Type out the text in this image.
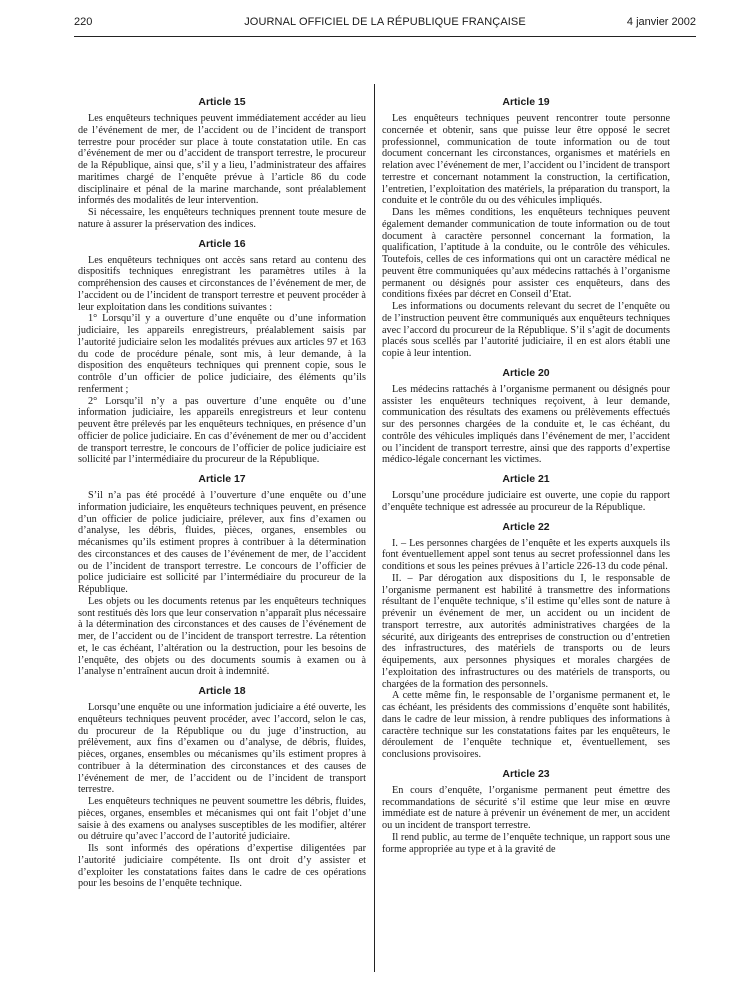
220	JOURNAL OFFICIEL DE LA RÉPUBLIQUE FRANÇAISE	4 janvier 2002
Article 15

Les enquêteurs techniques peuvent immédiatement accéder au lieu de l’événement de mer, de l’accident ou de l’incident de transport terrestre pour procéder sur place à toute constatation utile. En cas d’événement de mer ou d’accident de transport terrestre, le procureur de la République, ainsi que, s’il y a lieu, l’administrateur des affaires maritimes chargé de l’enquête prévue à l’article 86 du code disciplinaire et pénal de la marine marchande, sont préalablement informés des modalités de leur intervention.

Si nécessaire, les enquêteurs techniques prennent toute mesure de nature à assurer la préservation des indices.

Article 16

Les enquêteurs techniques ont accès sans retard au contenu des dispositifs techniques enregistrant les paramètres utiles à la compréhension des causes et circonstances de l’événement de mer, de l’accident ou de l’incident de transport terrestre et peuvent procéder à leur exploitation dans les conditions suivantes :

1° Lorsqu’il y a ouverture d’une enquête ou d’une information judiciaire, les appareils enregistreurs, préalablement saisis par l’autorité judiciaire selon les modalités prévues aux articles 97 et 163 du code de procédure pénale, sont mis, à leur demande, à la disposition des enquêteurs techniques qui prennent copie, sous le contrôle d’un officier de police judiciaire, des éléments qu’ils renferment ;

2° Lorsqu’il n’y a pas ouverture d’une enquête ou d’une information judiciaire, les appareils enregistreurs et leur contenu peuvent être prélevés par les enquêteurs techniques, en présence d’un officier de police judiciaire. En cas d’événement de mer ou d’accident de transport terrestre, le concours de l’officier de police judiciaire est sollicité par l’intermédiaire du procureur de la République.

Article 17

S’il n’a pas été procédé à l’ouverture d’une enquête ou d’une information judiciaire, les enquêteurs techniques peuvent, en présence d’un officier de police judiciaire, prélever, aux fins d’examen ou d’analyse, les débris, fluides, pièces, organes, ensembles ou mécanismes qu’ils estiment propres à contribuer à la détermination des circonstances et des causes de l’événement de mer, de l’accident ou de l’incident de transport terrestre. Le concours de l’officier de police judiciaire est sollicité par l’intermédiaire du procureur de la République.

Les objets ou les documents retenus par les enquêteurs techniques sont restitués dès lors que leur conservation n’apparaît plus nécessaire à la détermination des circonstances et des causes de l’événement de mer, de l’accident ou de l’incident de transport terrestre. La rétention et, le cas échéant, l’altération ou la destruction, pour les besoins de l’enquête, des objets ou des documents soumis à examen ou à l’analyse n’entraînent aucun droit à indemnité.

Article 18

Lorsqu’une enquête ou une information judiciaire a été ouverte, les enquêteurs techniques peuvent procéder, avec l’accord, selon le cas, du procureur de la République ou du juge d’instruction, au prélèvement, aux fins d’examen ou d’analyse, de débris, fluides, pièces, organes, ensembles ou mécanismes qu’ils estiment propres à contribuer à la détermination des circonstances et des causes de l’événement de mer, de l’accident ou de l’incident de transport terrestre.

Les enquêteurs techniques ne peuvent soumettre les débris, fluides, pièces, organes, ensembles et mécanismes qui ont fait l’objet d’une saisie à des examens ou analyses susceptibles de les modifier, altérer ou détruire qu’avec l’accord de l’autorité judiciaire.

Ils sont informés des opérations d’expertise diligentées par l’autorité judiciaire compétente. Ils ont droit d’y assister et d’exploiter les constatations faites dans le cadre de ces opérations pour les besoins de l’enquête technique.

Article 19

Les enquêteurs techniques peuvent rencontrer toute personne concernée et obtenir, sans que puisse leur être opposé le secret professionnel, communication de toute information ou de tout document concernant les circonstances, organismes et matériels en relation avec l’événement de mer, l’accident ou l’incident de transport terrestre et concernant notamment la construction, la certification, l’entretien, l’exploitation des matériels, la préparation du transport, la conduite et le contrôle du ou des véhicules impliqués.

Dans les mêmes conditions, les enquêteurs techniques peuvent également demander communication de toute information ou de tout document à caractère personnel concernant la formation, la qualification, l’aptitude à la conduite, ou le contrôle des véhicules. Toutefois, celles de ces informations qui ont un caractère médical ne peuvent être communiquées qu’aux médecins rattachés à l’organisme permanent ou désignés pour assister ces enquêteurs, dans des conditions fixées par décret en Conseil d’Etat.

Les informations ou documents relevant du secret de l’enquête ou de l’instruction peuvent être communiqués aux enquêteurs techniques avec l’accord du procureur de la République. S’il s’agit de documents placés sous scellés par l’autorité judiciaire, il en est alors établi une copie à leur intention.

Article 20

Les médecins rattachés à l’organisme permanent ou désignés pour assister les enquêteurs techniques reçoivent, à leur demande, communication des résultats des examens ou prélèvements effectués sur des personnes chargées de la conduite et, le cas échéant, du contrôle des véhicules impliqués dans l’événement de mer, l’accident ou l’incident de transport terrestre, ainsi que des rapports d’expertise médico-légale concernant les victimes.

Article 21

Lorsqu’une procédure judiciaire est ouverte, une copie du rapport d’enquête technique est adressée au procureur de la République.

Article 22

I. – Les personnes chargées de l’enquête et les experts auxquels ils font éventuellement appel sont tenus au secret professionnel dans les conditions et sous les peines prévues à l’article 226-13 du code pénal.

II. – Par dérogation aux dispositions du I, le responsable de l’organisme permanent est habilité à transmettre des informations résultant de l’enquête technique, s’il estime qu’elles sont de nature à prévenir un événement de mer, un accident ou un incident de transport terrestre, aux autorités administratives chargées de la sécurité, aux dirigeants des entreprises de construction ou d’entretien des infrastructures, des matériels de transports ou de leurs équipements, aux personnes physiques et morales chargées de l’exploitation des infrastructures ou des matériels de transports, ou chargées de la formation des personnels.

A cette même fin, le responsable de l’organisme permanent et, le cas échéant, les présidents des commissions d’enquête sont habilités, dans le cadre de leur mission, à rendre publiques des informations à caractère technique sur les constatations faites par les enquêteurs, le déroulement de l’enquête technique et, éventuellement, ses conclusions provisoires.

Article 23

En cours d’enquête, l’organisme permanent peut émettre des recommandations de sécurité s’il estime que leur mise en œuvre immédiate est de nature à prévenir un événement de mer, un accident ou un incident de transport terrestre.

Il rend public, au terme de l’enquête technique, un rapport sous une forme appropriée au type et à la gravité de
